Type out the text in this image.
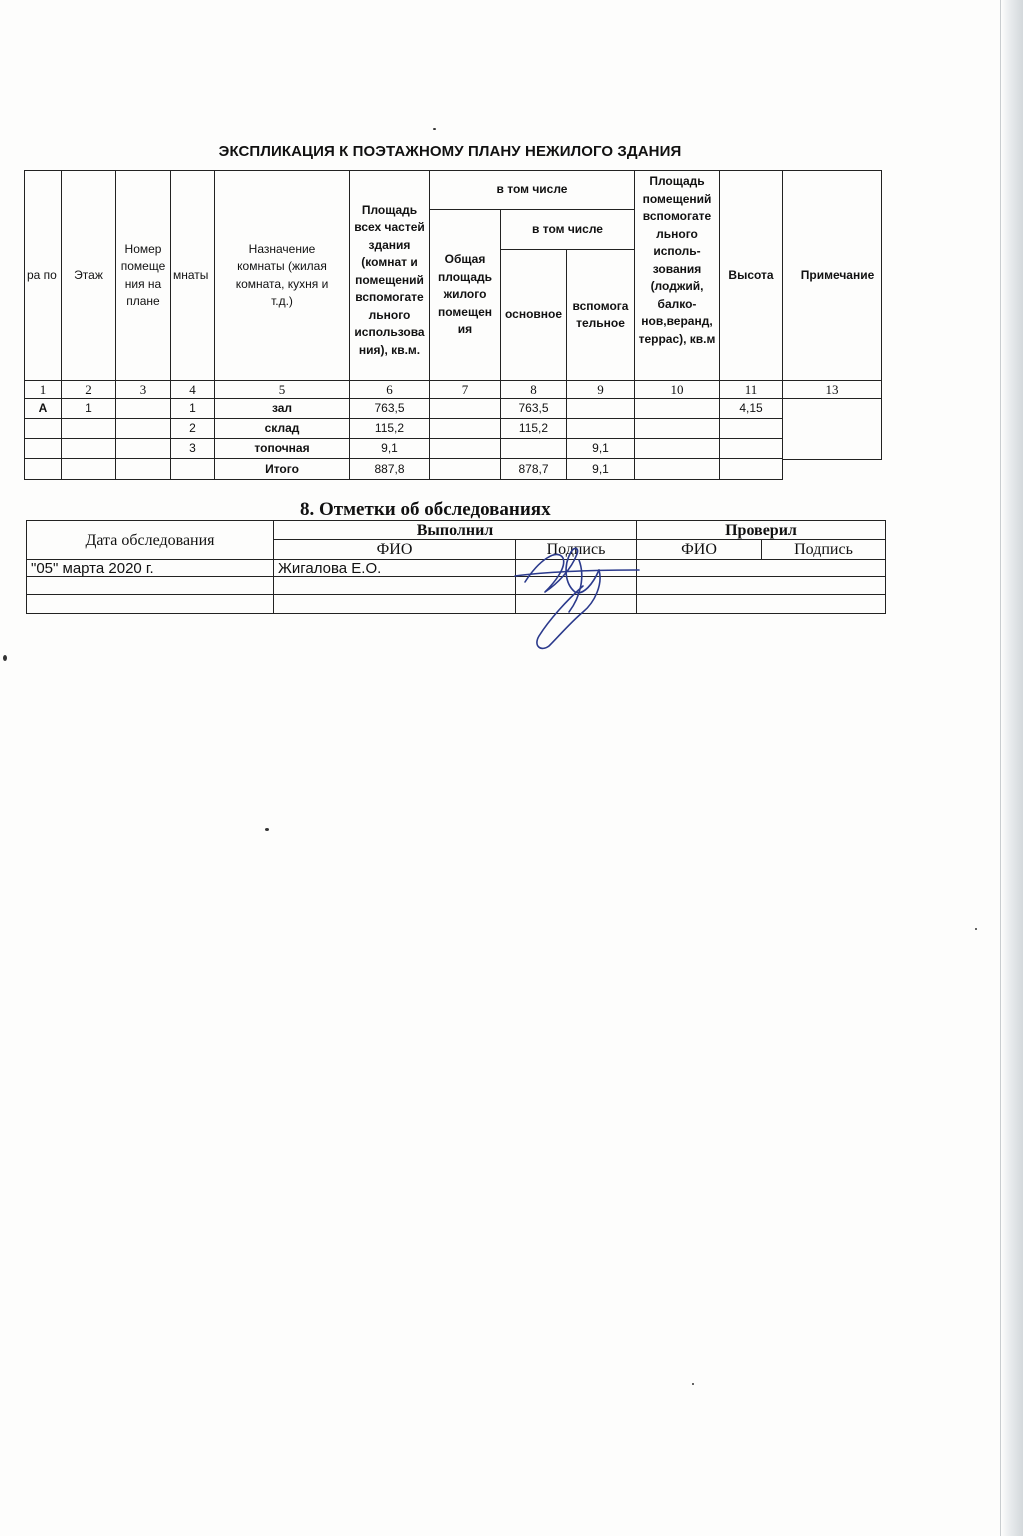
ЭКСПЛИКАЦИЯ К ПОЭТАЖНОМУ ПЛАНУ НЕЖИЛОГО ЗДАНИЯ
ра по	Этаж
Номер помеще ния на плане
мнаты
Назначение комнаты (жилая комната, кухня и т.д.)
Площадь всех частей здания (комнат и помещений вспомогате льного использова ния), кв.м.
в том числе
Общая площадь жилого помещен ия
в том числе
основное
вспомога тельное
Площадь помещений вспомогате льного исполь- зования (лоджий, балко- нов,веранд, террас), кв.м
Высота	Примечание
1	2	3	4	5	6	7	8	9	10	11	13
А	1	1	зал	763,5	763,5	4,15
2	склад	115,2	115,2
3	топочная	9,1	9,1
Итого	887,8	878,7	9,1
8. Отметки об обследованиях
Дата обследования
Выполнил	Проверил
ФИО	Подпись	ФИО	Подпись
"05" марта 2020 г.	Жигалова Е.О.
